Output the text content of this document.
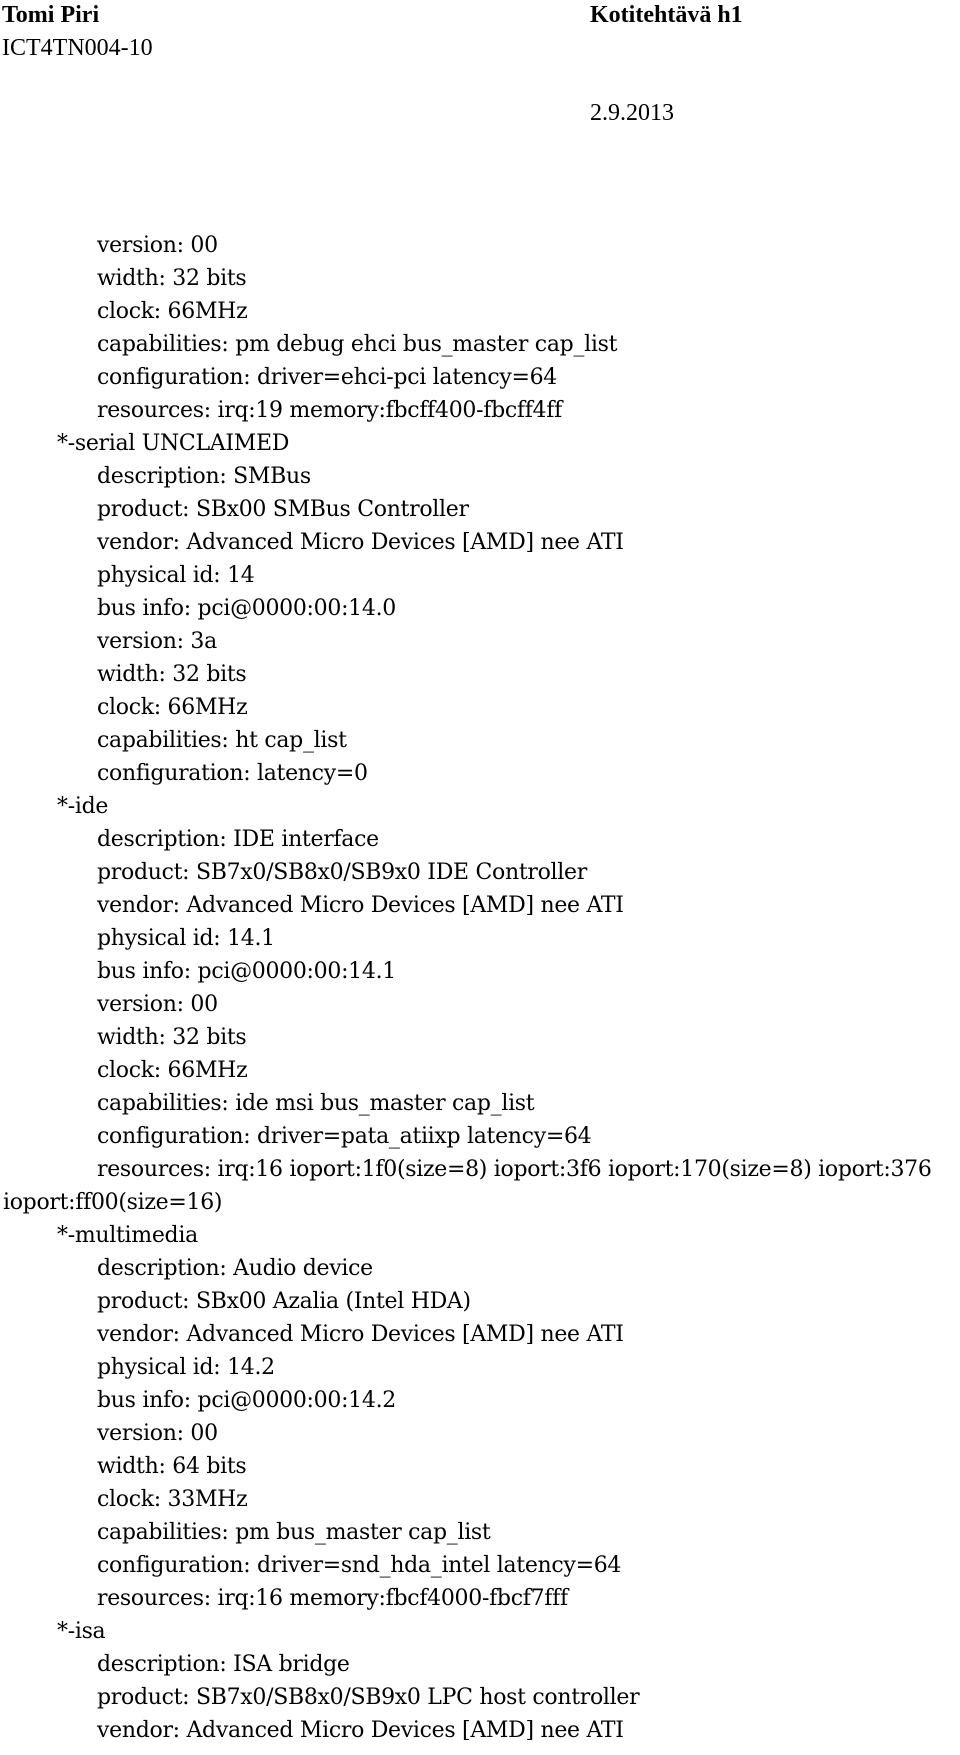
Tomi Piri
ICT4TN004-10
Kotitehtävä h1
2.9.2013
version: 00
width: 32 bits
clock: 66MHz
capabilities: pm debug ehci bus_master cap_list
configuration: driver=ehci-pci latency=64
resources: irq:19 memory:fbcff400-fbcff4ff
*-serial UNCLAIMED
description: SMBus
product: SBx00 SMBus Controller
vendor: Advanced Micro Devices [AMD] nee ATI
physical id: 14
bus info: pci@0000:00:14.0
version: 3a
width: 32 bits
clock: 66MHz
capabilities: ht cap_list
configuration: latency=0
*-ide
description: IDE interface
product: SB7x0/SB8x0/SB9x0 IDE Controller
vendor: Advanced Micro Devices [AMD] nee ATI
physical id: 14.1
bus info: pci@0000:00:14.1
version: 00
width: 32 bits
clock: 66MHz
capabilities: ide msi bus_master cap_list
configuration: driver=pata_atiixp latency=64
resources: irq:16 ioport:1f0(size=8) ioport:3f6 ioport:170(size=8) ioport:376
ioport:ff00(size=16)
*-multimedia
description: Audio device
product: SBx00 Azalia (Intel HDA)
vendor: Advanced Micro Devices [AMD] nee ATI
physical id: 14.2
bus info: pci@0000:00:14.2
version: 00
width: 64 bits
clock: 33MHz
capabilities: pm bus_master cap_list
configuration: driver=snd_hda_intel latency=64
resources: irq:16 memory:fbcf4000-fbcf7fff
*-isa
description: ISA bridge
product: SB7x0/SB8x0/SB9x0 LPC host controller
vendor: Advanced Micro Devices [AMD] nee ATI
